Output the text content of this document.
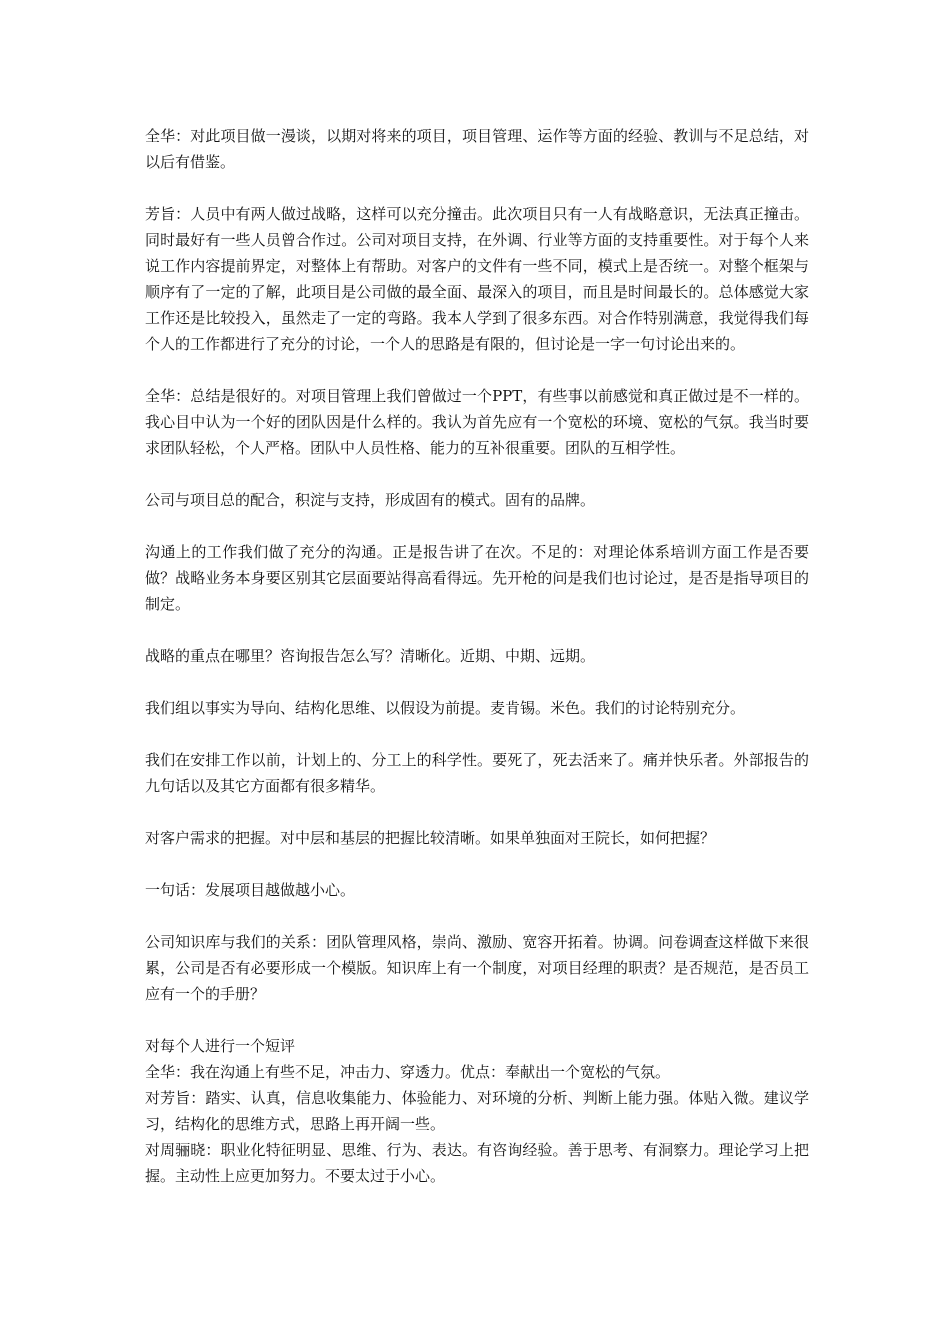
全华：对此项目做一漫谈，以期对将来的项目，项目管理、运作等方面的经验、教训与不足总结，对以后有借鉴。

芳旨：人员中有两人做过战略，这样可以充分撞击。此次项目只有一人有战略意识，无法真正撞击。同时最好有一些人员曾合作过。公司对项目支持，在外调、行业等方面的支持重要性。对于每个人来说工作内容提前界定，对整体上有帮助。对客户的文件有一些不同，模式上是否统一。对整个框架与顺序有了一定的了解，此项目是公司做的最全面、最深入的项目，而且是时间最长的。总体感觉大家工作还是比较投入，虽然走了一定的弯路。我本人学到了很多东西。对合作特别满意，我觉得我们每个人的工作都进行了充分的讨论，一个人的思路是有限的，但讨论是一字一句讨论出来的。

全华：总结是很好的。对项目管理上我们曾做过一个PPT，有些事以前感觉和真正做过是不一样的。我心目中认为一个好的团队因是什么样的。我认为首先应有一个宽松的环境、宽松的气氛。我当时要求团队轻松，个人严格。团队中人员性格、能力的互补很重要。团队的互相学性。

公司与项目总的配合，积淀与支持，形成固有的模式。固有的品牌。

沟通上的工作我们做了充分的沟通。正是报告讲了在次。不足的：对理论体系培训方面工作是否要做？战略业务本身要区别其它层面要站得高看得远。先开枪的问是我们也讨论过，是否是指导项目的制定。

战略的重点在哪里？咨询报告怎么写？清晰化。近期、中期、远期。

我们组以事实为导向、结构化思维、以假设为前提。麦肯锡。米色。我们的讨论特别充分。

我们在安排工作以前，计划上的、分工上的科学性。要死了，死去活来了。痛并快乐者。外部报告的九句话以及其它方面都有很多精华。

对客户需求的把握。对中层和基层的把握比较清晰。如果单独面对王院长，如何把握？

一句话：发展项目越做越小心。

公司知识库与我们的关系：团队管理风格，崇尚、激励、宽容开拓着。协调。问卷调查这样做下来很累，公司是否有必要形成一个模版。知识库上有一个制度，对项目经理的职责？是否规范，是否员工应有一个的手册？

对每个人进行一个短评

全华：我在沟通上有些不足，冲击力、穿透力。优点：奉献出一个宽松的气氛。

对芳旨：踏实、认真，信息收集能力、体验能力、对环境的分析、判断上能力强。体贴入微。建议学习，结构化的思维方式，思路上再开阔一些。

对周骊晓：职业化特征明显、思维、行为、表达。有咨询经验。善于思考、有洞察力。理论学习上把握。主动性上应更加努力。不要太过于小心。
